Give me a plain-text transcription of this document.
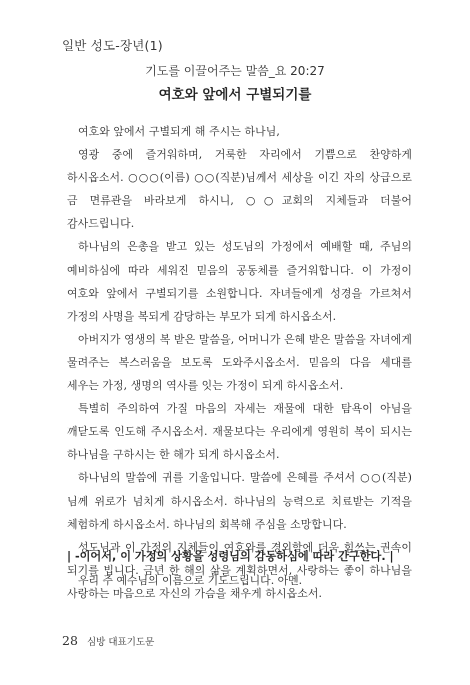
일반 성도-장년(1)
기도를 이끌어주는 말씀_요 20:27
여호와 앞에서 구별되기를

여호와 앞에서 구별되게 해 주시는 하나님,

영광 중에 즐거워하며, 거룩한 자리에서 기쁨으로 찬양하게 하시옵소서. ○○○(이름) ○○(직분)님께서 세상을 이긴 자의 상급으로 금 면류관을 바라보게 하시니, ○○교회의 지체들과 더불어 감사드립니다.

하나님의 은총을 받고 있는 성도님의 가정에서 예배할 때, 주님의 예비하심에 따라 세워진 믿음의 공동체를 즐거워합니다. 이 가정이 여호와 앞에서 구별되기를 소원합니다. 자녀들에게 성경을 가르쳐서 가정의 사명을 복되게 감당하는 부모가 되게 하시옵소서.

아버지가 영생의 복 받은 말씀을, 어머니가 은혜 받은 말씀을 자녀에게 물려주는 복스러움을 보도록 도와주시옵소서. 믿음의 다음 세대를 세우는 가정, 생명의 역사를 잇는 가정이 되게 하시옵소서.

특별히 주의하여 가질 마음의 자세는 재물에 대한 탐욕이 아님을 깨닫도록 인도해 주시옵소서. 재물보다는 우리에게 영원히 복이 되시는 하나님을 구하시는 한 해가 되게 하시옵소서.

하나님의 말씀에 귀를 기울입니다. 말씀에 은혜를 주셔서 ○○(직분)님께 위로가 넘치게 하시옵소서. 하나님의 능력으로 치료받는 기적을 체험하게 하시옵소서. 하나님의 회복해 주심을 소망합니다.

성도님과 이 가정의 지체들이 여호와를 경외함에 더욱 힘쓰는 권속이 되기를 빕니다. 금년 한 해의 삶을 계획하면서, 사랑하는 좋이 하나님을 사랑하는 마음으로 자신의 가슴을 채우게 하시옵소서.

| -이어서, 이 가정의 상황을 성령님의 감동하심에 따라 간구한다. |
우리 주 예수님의 이름으로 기도드립니다. 아멘.
28 심방 대표기도문
